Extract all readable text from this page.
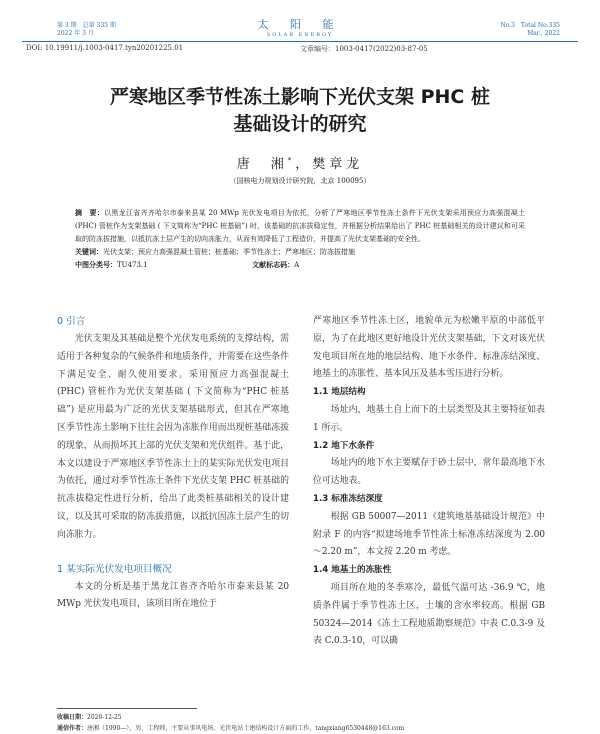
第 3 期　总第 335 期
2022 年 3 月
太 阳 能
SOLAR ENERGY
No.3　Total No.335
Mar., 2022
DOI: 10.19911/j.1003-0417.tyn20201225.01	文章编号：1003-0417(2022)03-87-05
严寒地区季节性冻土影响下光伏支架 PHC 桩
基础设计的研究
唐　湘*，樊章龙
（国核电力规划设计研究院，北京 100095）
摘　要：以黑龙江省齐齐哈尔市泰来县某 20 MWp 光伏发电项目为依托，分析了严寒地区季节性冻土条件下光伏支架采用预应力高强混凝土 (PHC) 管桩作为支架基础 ( 下文简称为“PHC 桩基础”) 时，该基础的抗冻拔稳定性，并根据分析结果给出了 PHC 桩基础相关的设计建议和可采取的防冻拔措施，以抵抗冻土层产生的切向冻胀力，从而有效降低了工程造价，并提高了光伏支架基础的安全性。
关键词：光伏支架；预应力高强混凝土管桩；桩基础；季节性冻土；严寒地区；防冻拔措施
中图分类号：TU473.1	文献标志码：A
0 引言

光伏支架及其基础是整个光伏发电系统的支撑结构，需适用于各种复杂的气候条件和地质条件，并需要在这些条件下满足安全、耐久使用要求。采用预应力高强混凝土 (PHC) 管桩作为光伏支架基础 ( 下文简称为“PHC 桩基础”) 是应用最为广泛的光伏支架基础形式，但其在严寒地区季节性冻土影响下往往会因为冻胀作用而出现桩基础冻拔的现象，从而损坏其上部的光伏支架和光伏组件。基于此，本文以建设于严寒地区季节性冻土上的某实际光伏发电项目为依托，通过对季节性冻土条件下光伏支架 PHC 桩基础的抗冻拔稳定性进行分析，给出了此类桩基础相关的设计建议，以及其可采取的防冻拔措施，以抵抗因冻土层产生的切向冻胀力。

1 某实际光伏发电项目概况

本文的分析是基于黑龙江省齐齐哈尔市泰来县某 20 MWp 光伏发电项目，该项目所在地位于

严寒地区季节性冻土区，地貌单元为松嫩平原的中部低平原，为了在此地区更好地设计光伏支架基础，下文对该光伏发电项目所在地的地层结构、地下水条件、标准冻结深度、地基土的冻胀性、基本风压及基本雪压进行分析。

1.1 地层结构

场址内，地基土自上而下的土层类型及其主要特征如表 1 所示。

1.2 地下水条件

场址内的地下水主要赋存于砂土层中，常年最高地下水位可达地表。

1.3 标准冻结深度

根据 GB 50007—2011《建筑地基基础设计规范》中附录 F 的内容“拟建场地季节性冻土标准冻结深度为 2.00～2.20 m”，本文按 2.20 m 考虑。

1.4 地基土的冻胀性

项目所在地的冬季寒冷，最低气温可达 -36.9 ℃，地质条件属于季节性冻土区，土壤的含水率较高。根据 GB 50324—2014《冻土工程地质勘察规范》中表 C.0.3-9 及表 C.0.3-10，可以确

收稿日期：2020-12-25
通信作者：唐湘（1990—），男，工程师，主要从事风电场、光伏电站土建结构设计方面的工作。tangxiang6530448@163.com
